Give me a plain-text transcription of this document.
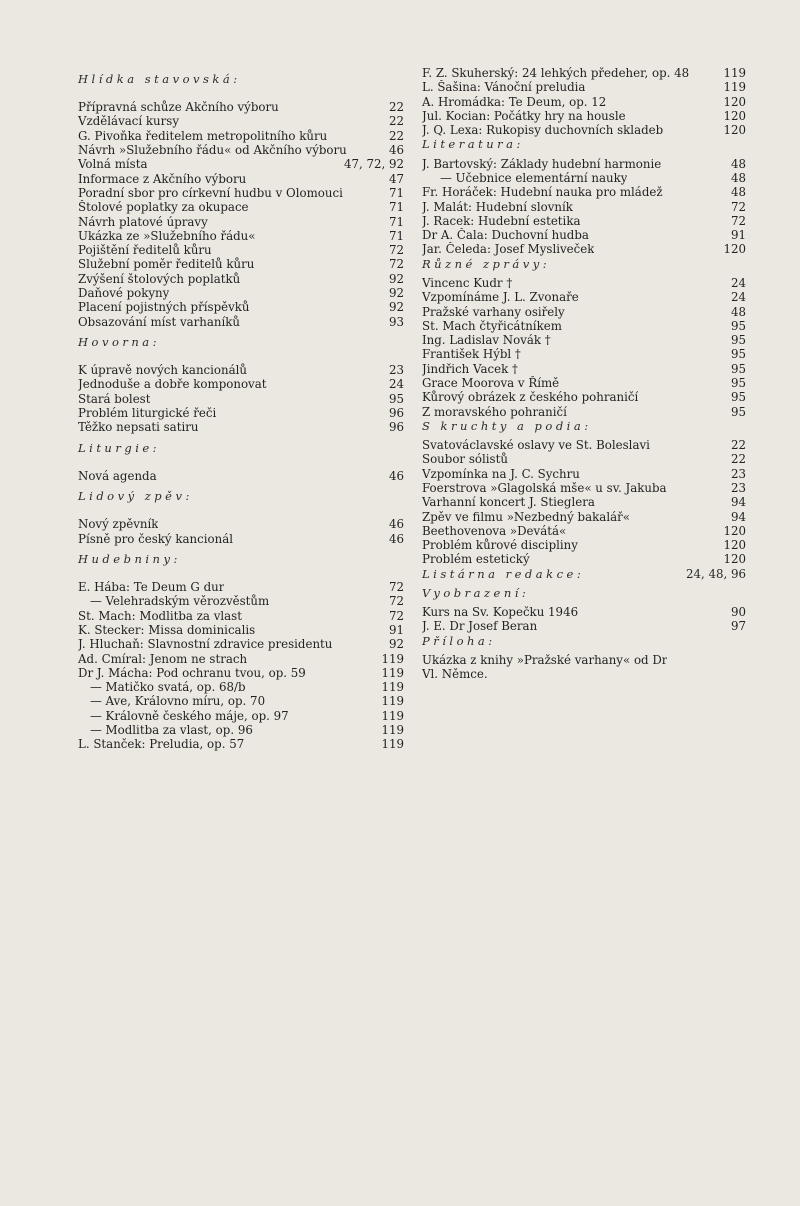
Hlídka stavovská:
Přípravná schůze Akčního výboru	22
Vzdělávací kursy	22
G. Pivoňka ředitelem metropolitního kůru	22
Návrh »Služebního řádu« od Akčního výboru	46
Volná místa	47, 72, 92
Informace z Akčního výboru	47
Poradní sbor pro církevní hudbu v Olomouci	71
Štolové poplatky za okupace	71
Návrh platové úpravy	71
Ukázka ze »Služebního řádu«	71
Pojištění ředitelů kůru	72
Služební poměr ředitelů kůru	72
Zvýšení štolových poplatků	92
Daňové pokyny	92
Placení pojistných příspěvků	92
Obsazování míst varhaníků	93
Hovorna:
K úpravě nových kancionálů	23
Jednoduše a dobře komponovat	24
Stará bolest	95
Problém liturgické řeči	96
Těžko nepsati satiru	96
Liturgie:
Nová agenda	46
Lidový zpěv:
Nový zpěvník	46
Písně pro český kancionál	46
Hudebniny:
E. Hába: Te Deum G dur	72
— Velehradským věrozvěstům	72
St. Mach: Modlitba za vlast	72
K. Stecker: Missa dominicalis	91
J. Hluchaň: Slavnostní zdravice presidentu	92
Ad. Cmíral: Jenom ne strach	119
Dr J. Mácha: Pod ochranu tvou, op. 59	119
— Matičko svatá, op. 68/b	119
— Ave, Královno míru, op. 70	119
— Královně českého máje, op. 97	119
— Modlitba za vlast, op. 96	119
L. Stanček: Preludia, op. 57	119
F. Z. Skuherský: 24 lehkých předeher, op. 48	119
L. Šašina: Vánoční preludia	119
A. Hromádka: Te Deum, op. 12	120
Jul. Kocian: Počátky hry na housle	120
J. Q. Lexa: Rukopisy duchovních skladeb	120
Literatura:
J. Bartovský: Základy hudební harmonie	48
— Učebnice elementární nauky	48
Fr. Horáček: Hudební nauka pro mládež	48
J. Malát: Hudební slovník	72
J. Racek: Hudební estetika	72
Dr A. Čala: Duchovní hudba	91
Jar. Čeleda: Josef Mysliveček	120
Různé zprávy:
Vincenc Kudr †	24
Vzpomínáme J. L. Zvonaře	24
Pražské varhany osiřely	48
St. Mach čtyřicátníkem	95
Ing. Ladislav Novák †	95
František Hýbl †	95
Jindřich Vacek †	95
Grace Moorova v Římě	95
Kůrový obrázek z českého pohraničí	95
Z moravského pohraničí	95
S kruchty a podia:
Svatováclavské oslavy ve St. Boleslavi	22
Soubor sólistů	22
Vzpomínka na J. C. Sychru	23
Foerstrova »Glagolská mše« u sv. Jakuba	23
Varhanní koncert J. Stieglera	94
Zpěv ve filmu »Nezbedný bakalář«	94
Beethovenova »Devátá«	120
Problém kůrové discipliny	120
Problém estetický	120
Listárna redakce:	24, 48, 96
Vyobrazení:
Kurs na Sv. Kopečku 1946	90
J. E. Dr Josef Beran	97
Příloha:
Ukázka z knihy »Pražské varhany« od Dr
Vl. Němce.
